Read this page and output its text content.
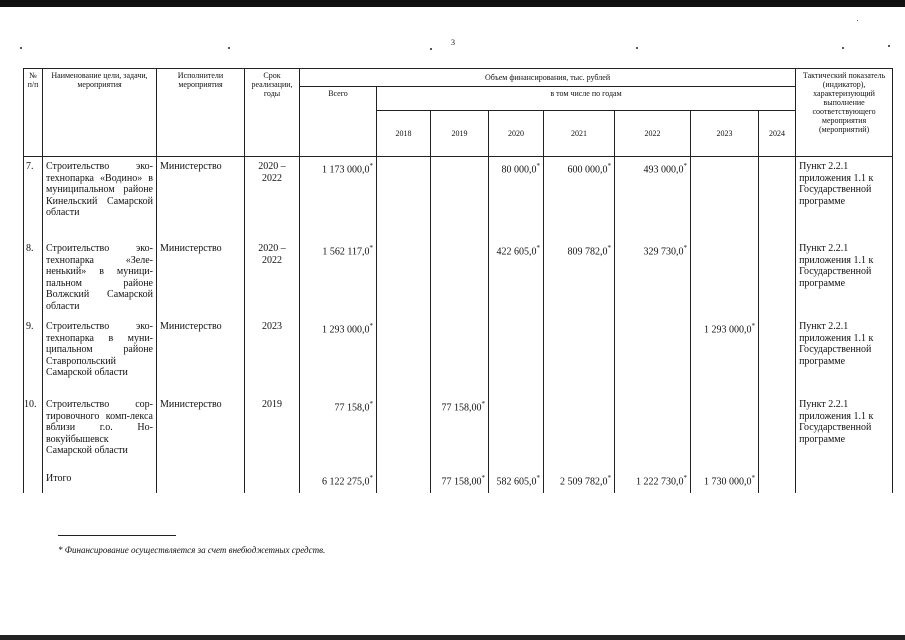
3
№ п/п	Наименование цели, задачи, мероприятия	Исполнители мероприятия	Срок реализации, годы	Объем финансирования, тыс. рублей								Тактический показатель (индикатор), характеризующий выполнение соответствующего мероприятия (мероприятий)
				Всего	в том числе по годам							
					2018	2019	2020	2021	2022	2023	2024	
7.	Строительство эко-технопарка «Водино» в муниципальном районе Кинельский Самарской области	Министерство	2020 – 2022	1 173 000,0*			80 000,0*	600 000,0*	493 000,0*			Пункт 2.2.1 приложения 1.1 к Государственной программе
8.	Строительство эко-технопарка «Зеле-ненький» в муници-пальном районе Волжский Самарской области	Министерство	2020 – 2022	1 562 117,0*			422 605,0*	809 782,0*	329 730,0*			Пункт 2.2.1 приложения 1.1 к Государственной программе
9.	Строительство эко-технопарка в муни-ципальном районе Ставропольский Самарской области	Министерство	2023	1 293 000,0*						1 293 000,0*		Пункт 2.2.1 приложения 1.1 к Государственной программе
10.	Строительство сор-тировочного комп-лекса вблизи г.о. Но-вокуйбышевск Самарской области	Министерство	2019	77 158,0*		77 158,00*						Пункт 2.2.1 приложения 1.1 к Государственной программе
	Итого			6 122 275,0*		77 158,00*	582 605,0*	2 509 782,0*	1 222 730,0*	1 730 000,0*		
* Финансирование осуществляется за счет внебюджетных средств.
